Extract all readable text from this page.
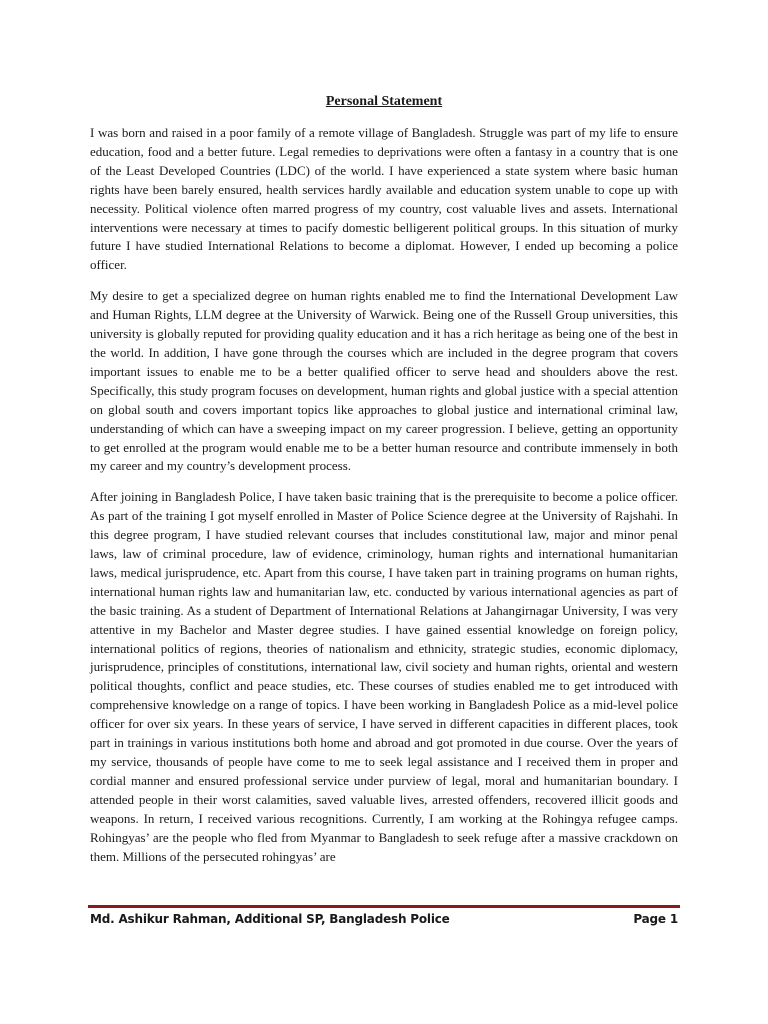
Personal Statement

I was born and raised in a poor family of a remote village of Bangladesh. Struggle was part of my life to ensure education, food and a better future. Legal remedies to deprivations were often a fantasy in a country that is one of the Least Developed Countries (LDC) of the world. I have experienced a state system where basic human rights have been barely ensured, health services hardly available and education system unable to cope up with necessity. Political violence often marred progress of my country, cost valuable lives and assets. International interventions were necessary at times to pacify domestic belligerent political groups. In this situation of murky future I have studied International Relations to become a diplomat. However, I ended up becoming a police officer.

My desire to get a specialized degree on human rights enabled me to find the International Development Law and Human Rights, LLM degree at the University of Warwick. Being one of the Russell Group universities, this university is globally reputed for providing quality education and it has a rich heritage as being one of the best in the world. In addition, I have gone through the courses which are included in the degree program that covers important issues to enable me to be a better qualified officer to serve head and shoulders above the rest. Specifically, this study program focuses on development, human rights and global justice with a special attention on global south and covers important topics like approaches to global justice and international criminal law, understanding of which can have a sweeping impact on my career progression. I believe, getting an opportunity to get enrolled at the program would enable me to be a better human resource and contribute immensely in both my career and my country’s development process.

After joining in Bangladesh Police, I have taken basic training that is the prerequisite to become a police officer. As part of the training I got myself enrolled in Master of Police Science degree at the University of Rajshahi. In this degree program, I have studied relevant courses that includes constitutional law, major and minor penal laws, law of criminal procedure, law of evidence, criminology, human rights and international humanitarian laws, medical jurisprudence, etc. Apart from this course, I have taken part in training programs on human rights, international human rights law and humanitarian law, etc. conducted by various international agencies as part of the basic training. As a student of Department of International Relations at Jahangirnagar University, I was very attentive in my Bachelor and Master degree studies. I have gained essential knowledge on foreign policy, international politics of regions, theories of nationalism and ethnicity, strategic studies, economic diplomacy, jurisprudence, principles of constitutions, international law, civil society and human rights, oriental and western political thoughts, conflict and peace studies, etc. These courses of studies enabled me to get introduced with comprehensive knowledge on a range of topics. I have been working in Bangladesh Police as a mid-level police officer for over six years. In these years of service, I have served in different capacities in different places, took part in trainings in various institutions both home and abroad and got promoted in due course. Over the years of my service, thousands of people have come to me to seek legal assistance and I received them in proper and cordial manner and ensured professional service under purview of legal, moral and humanitarian boundary. I attended people in their worst calamities, saved valuable lives, arrested offenders, recovered illicit goods and weapons. In return, I received various recognitions. Currently, I am working at the Rohingya refugee camps. Rohingyas’ are the people who fled from Myanmar to Bangladesh to seek refuge after a massive crackdown on them. Millions of the persecuted rohingyas’ are

Md. Ashikur Rahman, Additional SP, Bangladesh Police	Page 1
